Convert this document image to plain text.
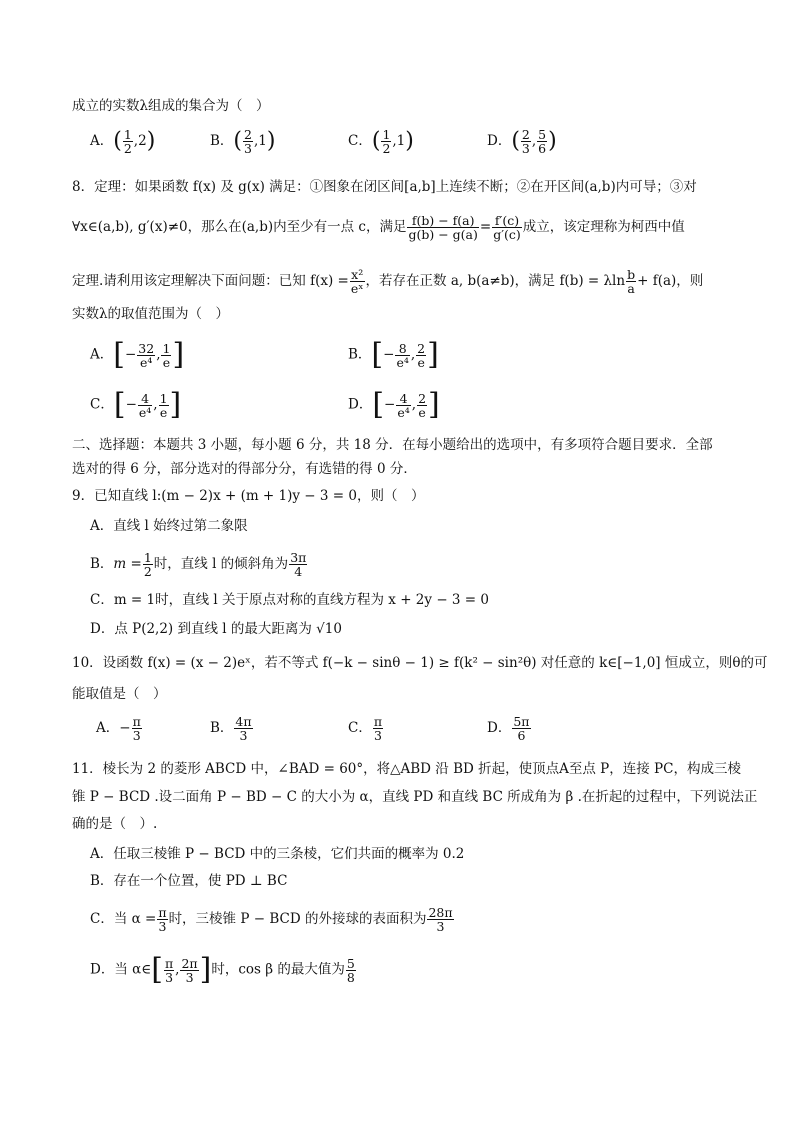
成立的实数λ组成的集合为（　）
A．( $\frac{1}{2} ,2$)	B．( $\frac{2}{3} ,1$)	C．( $\frac{1}{2} ,1$)	D．( $\frac{2}{3}$ , $\frac{5}{6}$ )
8．定理：如果函数 f(x) 及 g(x) 满足：①图象在闭区间[a,b]上连续不断；②在开区间(a,b)内可导；③对
∀x∈(a,b), g′(x)≠0，那么在(a,b)内至少有一点 c，满足 $\frac{f(b) - f(a)}{g(b) - g(a)} = \frac{f'(c)}{g'(c)}$ 成立，该定理称为柯西中值
定理.请利用该定理解决下面问题：已知 $f(x) = \frac{\text{x²}}{\text{eˣ}}$ ，若存在正数 a, b(a≠b)，满足 f(b) = λln $\frac{b}{a} + f(a)$，则
实数λ的取值范围为（　）
A．[− $\frac{32}{\text{e⁴}}$ , $\frac{1}{e}$ ]	B．[− $\frac{8}{\text{e⁴}}$ , $\frac{2}{e}$ ]
C．[− $\frac{4}{\text{e⁴}}$ , $\frac{1}{e}$ ]	D．[− $\frac{4}{\text{e⁴}}$ , $\frac{2}{e}$ ]
二、选择题：本题共 3 小题，每小题 6 分，共 18 分．在每小题给出的选项中，有多项符合题目要求．全部
选对的得 6 分，部分选对的得部分分，有选错的得 0 分．
9．已知直线 l:(m − 2)x + (m + 1)y − 3 = 0，则（　）
A．直线 l 始终过第二象限
B．$m = \frac{1}{2}$ 时，直线 l 的倾斜角为 $\frac{3\pi}{4}$
C．m = 1时，直线 l 关于原点对称的直线方程为 x + 2y − 3 = 0
D．点 P(2,2) 到直线 l 的最大距离为 √10
10．设函数 f(x) = (x − 2)eˣ，若不等式 f(−k − sinθ − 1) ≥ f(k² − sin²θ) 对任意的 k∈[−1,0] 恒成立，则θ的可
能取值是（　）
A．− $\frac{\pi}{3}$	B． $\frac{4\pi}{3}$	C． $\frac{\pi}{3}$	D． $\frac{5\pi}{6}$
11．棱长为 2 的菱形 ABCD 中，∠BAD = 60°，将△ABD 沿 BD 折起，使顶点A至点 P，连接 PC，构成三棱
锥 P − BCD .设二面角 P − BD − C 的大小为 α，直线 PD 和直线 BC 所成角为 β .在折起的过程中，下列说法正
确的是（　）.
A．任取三棱锥 P − BCD 中的三条棱，它们共面的概率为 0.2
B．存在一个位置，使 PD ⊥ BC
C．当 $\alpha = \frac{\pi}{3}$ 时，三棱锥 P − BCD 的外接球的表面积为 $\frac{28\pi}{3}$
D．当 α∈[ $\frac{\pi}{3}$ , $\frac{2\pi}{3}$ ]时，cos β 的最大值为 $\frac{5}{8}$
